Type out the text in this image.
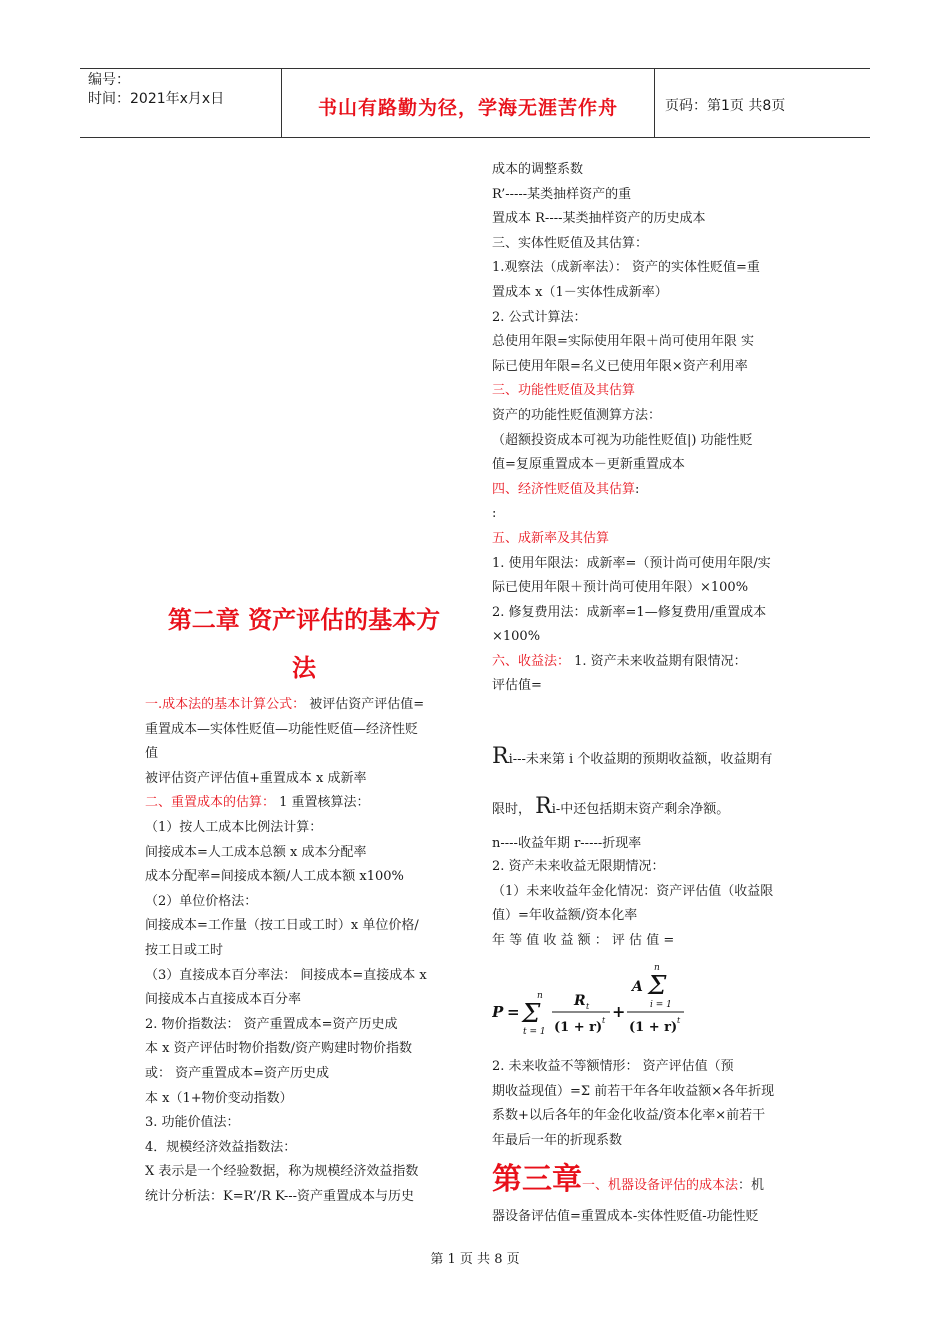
编号：
时间：2021年x月x日	书山有路勤为径，学海无涯苦作舟	页码：第1页 共8页
第二章 资产评估的基本方
法

一.成本法的基本计算公式： 被评估资产评估值=

重置成本—实体性贬值—功能性贬值—经济性贬

值

被评估资产评估值+重置成本 x 成新率

二、重置成本的估算： 1 重置核算法：

（1）按人工成本比例法计算：

间接成本=人工成本总额 x 成本分配率

成本分配率=间接成本额/人工成本额 x100%

（2）单位价格法：

间接成本=工作量（按工日或工时）x 单位价格/

按工日或工时

（3）直接成本百分率法： 间接成本=直接成本 x

间接成本占直接成本百分率

2. 物价指数法： 资产重置成本=资产历史成

本 x 资产评估时物价指数/资产购建时物价指数

或： 资产重置成本=资产历史成

本 x（1+物价变动指数）

3. 功能价值法：

4．规模经济效益指数法：

X 表示是一个经验数据，称为规模经济效益指数

统计分析法：K=R’/R K---资产重置成本与历史

成本的调整系数

R’-----某类抽样资产的重

置成本 R----某类抽样资产的历史成本

三、实体性贬值及其估算：

1.观察法（成新率法）： 资产的实体性贬值=重

置成本 x（1－实体性成新率）

2. 公式计算法：

总使用年限=实际使用年限＋尚可使用年限 实

际已使用年限=名义已使用年限×资产利用率

三、功能性贬值及其估算

资产的功能性贬值测算方法：

（超额投资成本可视为功能性贬值|) 功能性贬

值=复原重置成本－更新重置成本

四、经济性贬值及其估算:

:

五、成新率及其估算

1. 使用年限法：成新率=（预计尚可使用年限/实

际已使用年限＋预计尚可使用年限）×100%

2. 修复费用法：成新率=1—修复费用/重置成本

×100%

六、收益法： 1. 资产未来收益期有限情况：

评估值=

Ri---未来第 i 个收益期的预期收益额，收益期有

限时， Ri-中还包括期末资产剩余净额。

n----收益年期 r-----折现率

2. 资产未来收益无限期情况：

（1）未来收益年金化情况：资产评估值（收益限

值）=年收益额/资本化率

年 等 值 收 益 额 ： 评 估 值 =

P =
n
Σ
t = 1
R t
(1 + r) t +
n
A Σ
i = 1
(1 + r) t

2. 未来收益不等额情形： 资产评估值（预

期收益现值）=Σ 前若干年各年收益额×各年折现

系数+以后各年的年金化收益/资本化率×前若干

年最后一年的折现系数

第三章一、机器设备评估的成本法：机

器设备评估值=重置成本-实体性贬值-功能性贬

第 1 页 共 8 页
